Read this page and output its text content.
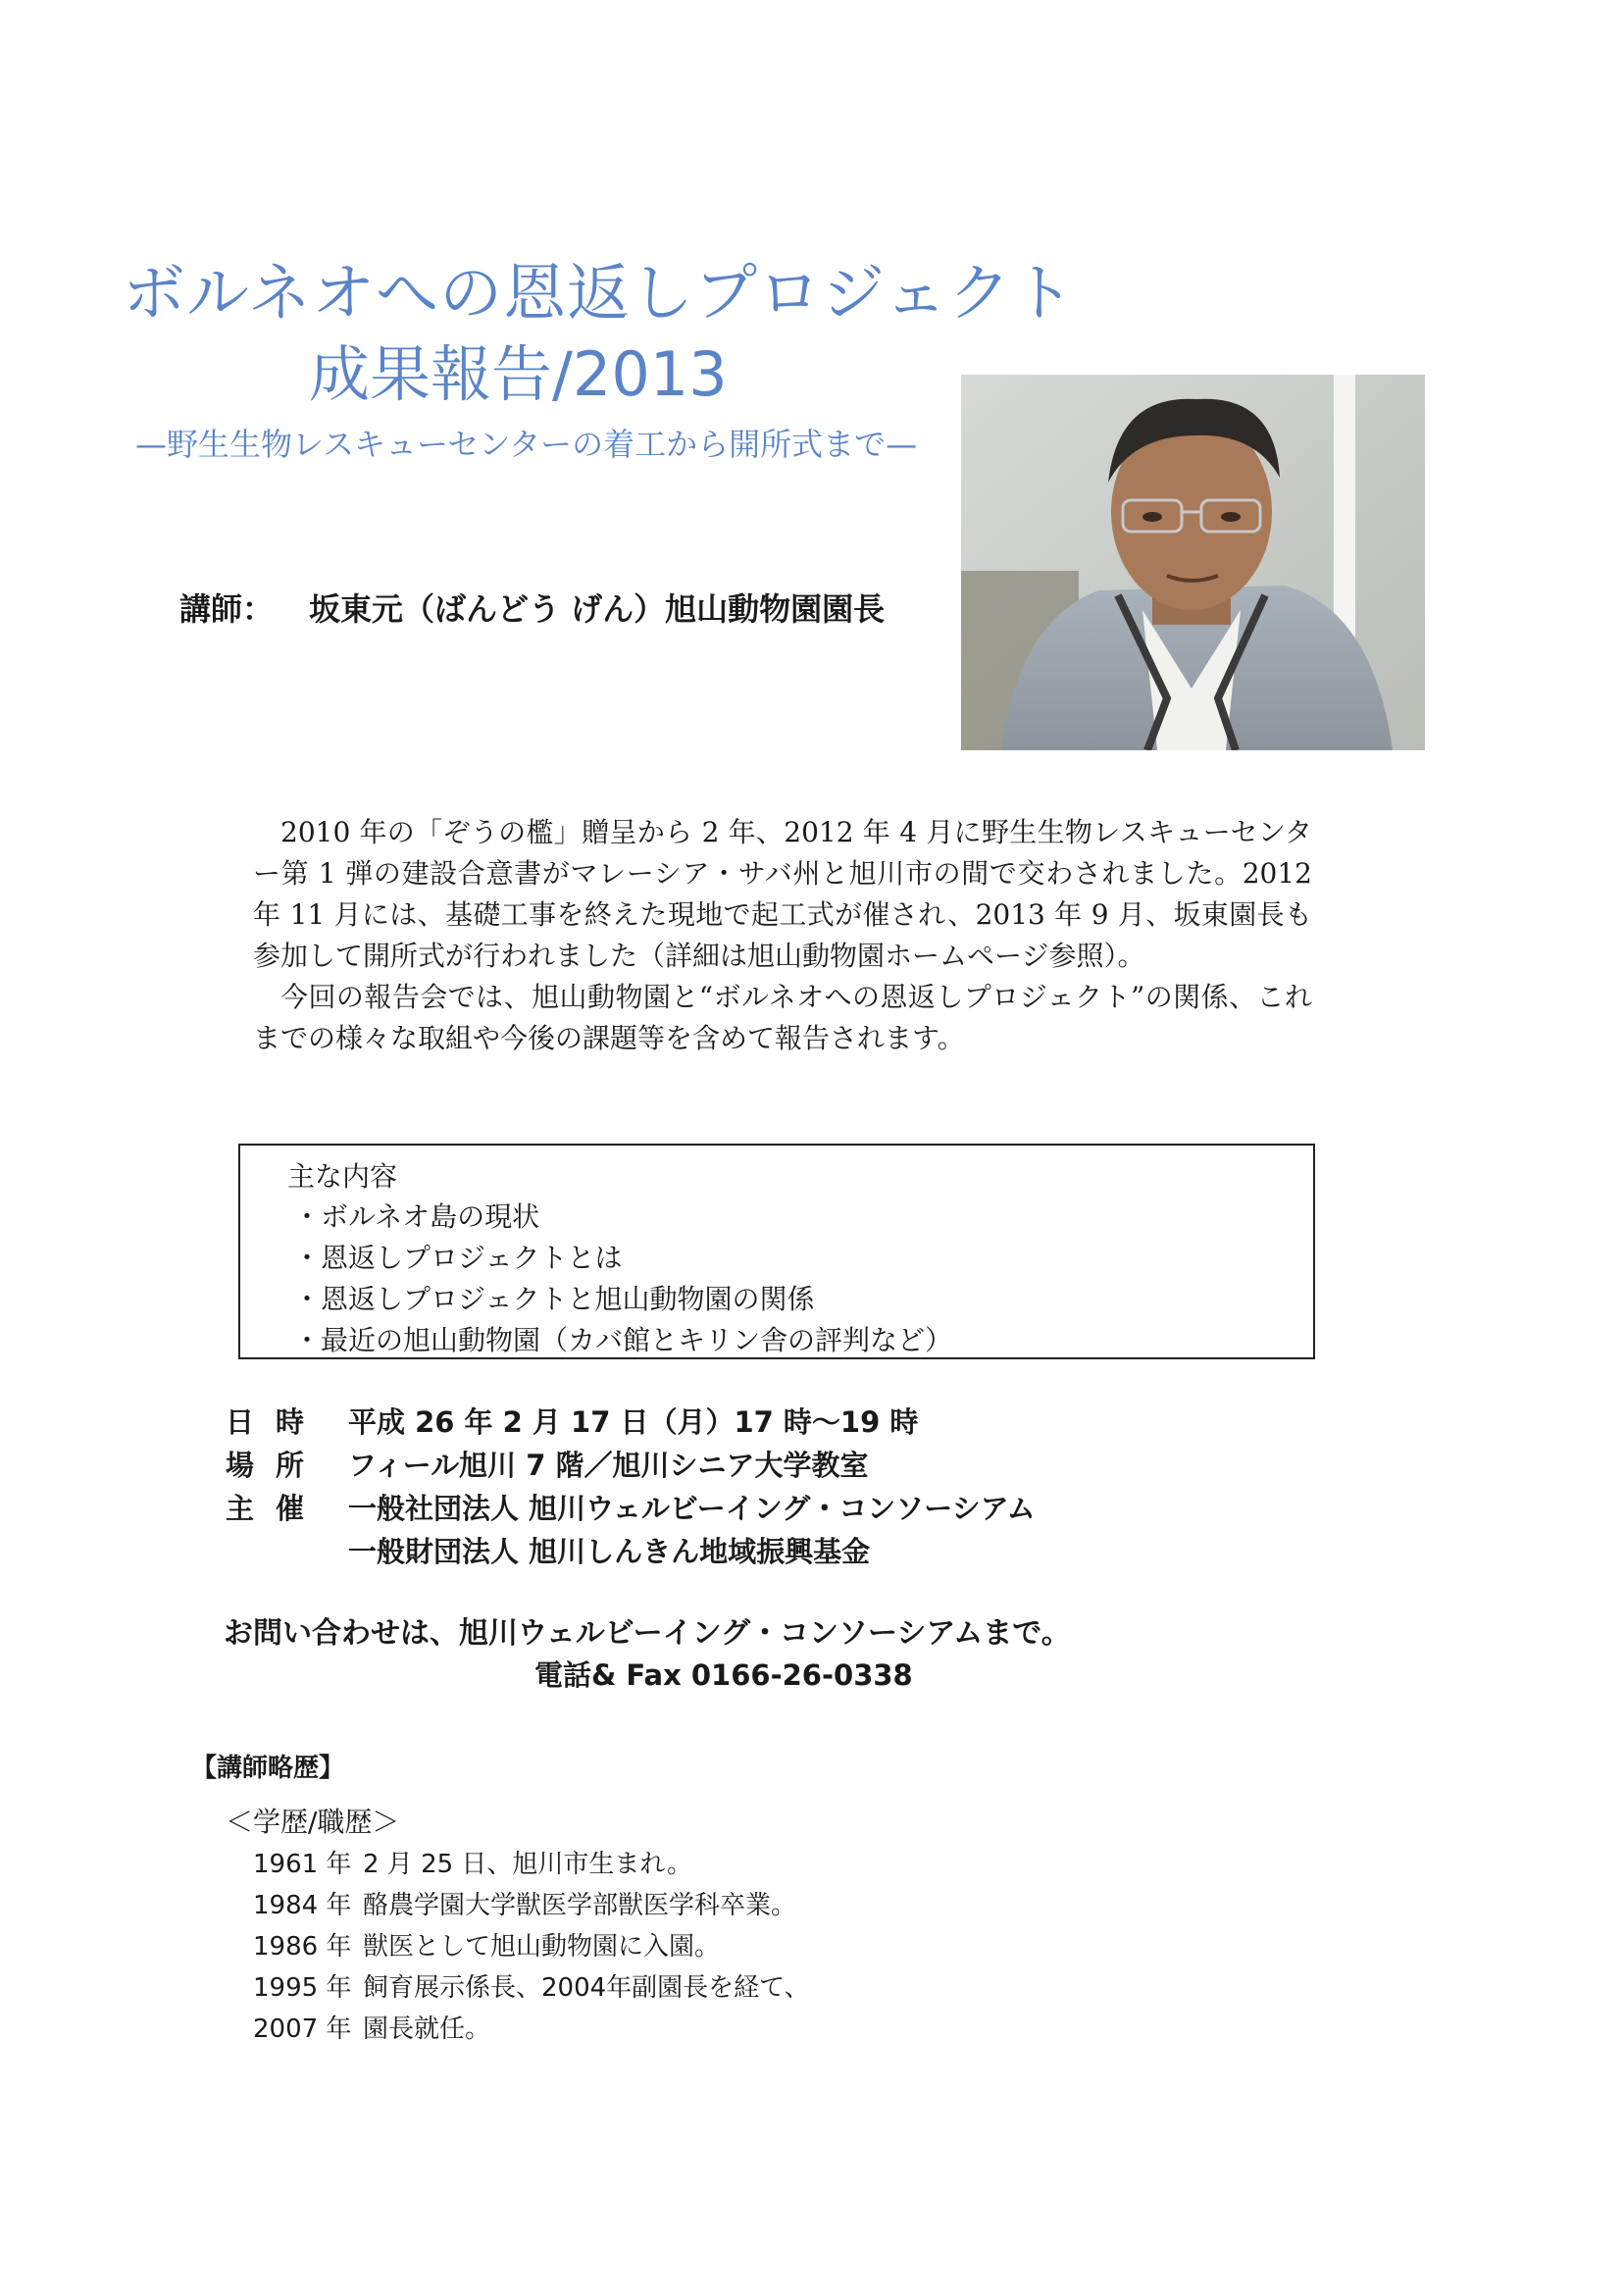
ボルネオへの恩返しプロジェクト
成果報告/2013
—野生生物レスキューセンターの着工から開所式まで—
講師： 坂東元（ばんどう げん）旭山動物園園長

2010 年の「ぞうの檻」贈呈から 2 年、2012 年 4 月に野生生物レスキューセンター第 1 弾の建設合意書がマレーシア・サバ州と旭川市の間で交わされました。2012 年 11 月には、基礎工事を終えた現地で起工式が催され、2013 年 9 月、坂東園長も参加して開所式が行われました（詳細は旭山動物園ホームページ参照）。

今回の報告会では、旭山動物園と“ボルネオへの恩返しプロジェクト”の関係、これまでの様々な取組や今後の課題等を含めて報告されます。

主な内容
・ ボルネオ島の現状
・ 恩返しプロジェクトとは
・ 恩返しプロジェクトと旭山動物園の関係
・ 最近の旭山動物園（カバ館とキリン舎の評判など）
日時 平成 26 年 2 月 17 日（月）17 時～19 時
場所 フィール旭川 7 階／旭川シニア大学教室
主催 一般社団法人 旭川ウェルビーイング・コンソーシアム
一般財団法人 旭川しんきん地域振興基金
お問い合わせは、旭川ウェルビーイング・コンソーシアムまで。
電話& Fax 0166-26-0338
【講師略歴】
＜学歴/職歴＞
1961 年 2 月 25 日、旭川市生まれ。
1984 年 酪農学園大学獣医学部獣医学科卒業。
1986 年 獣医として旭山動物園に入園。
1995 年 飼育展示係長、2004年副園長を経て、
2007 年 園長就任。
